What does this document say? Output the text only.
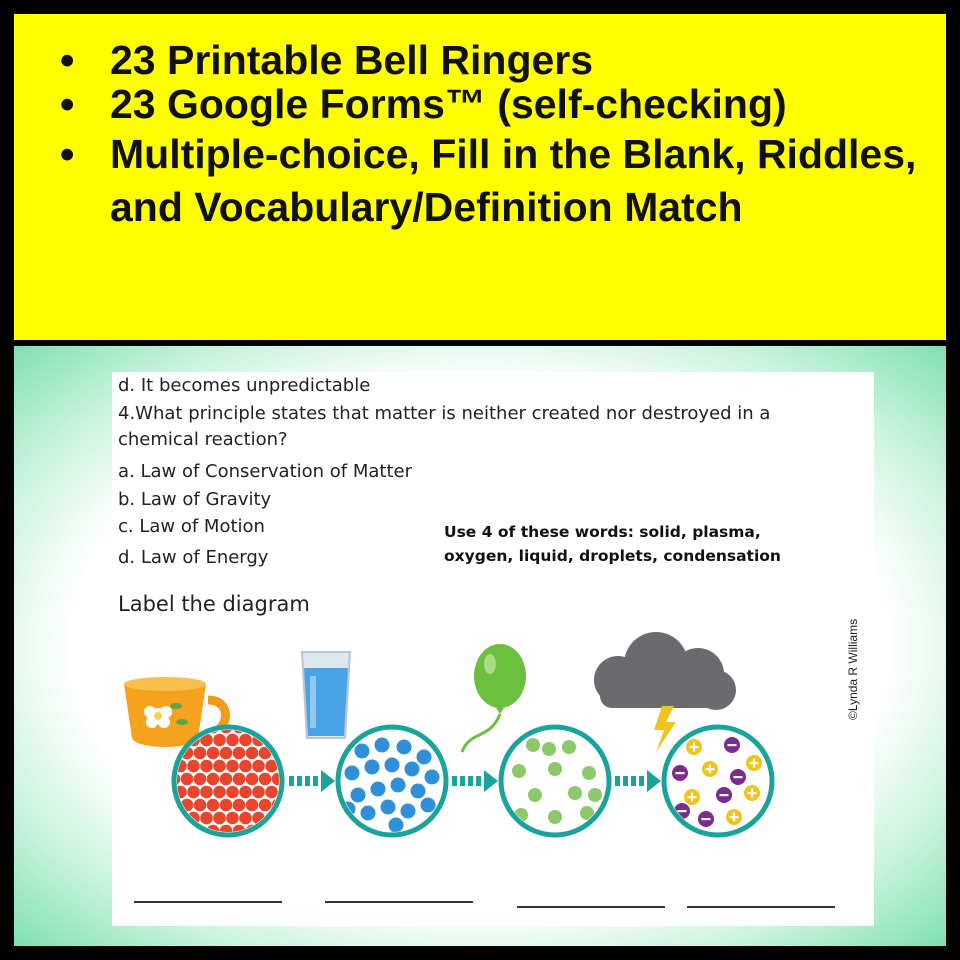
• 23 Printable Bell Ringers
• 23 Google Forms™ (self-checking)
• Multiple-choice, Fill in the Blank, Riddles, and Vocabulary/Definition Match
d. It becomes unpredictable
4.What principle states that matter is neither created nor destroyed in a chemical reaction?
a. Law of Conservation of Matter
b. Law of Gravity
c. Law of Motion
d. Law of Energy
Use 4 of these words: solid, plasma, oxygen, liquid, droplets, condensation
Label the diagram
©Lynda R Williams
